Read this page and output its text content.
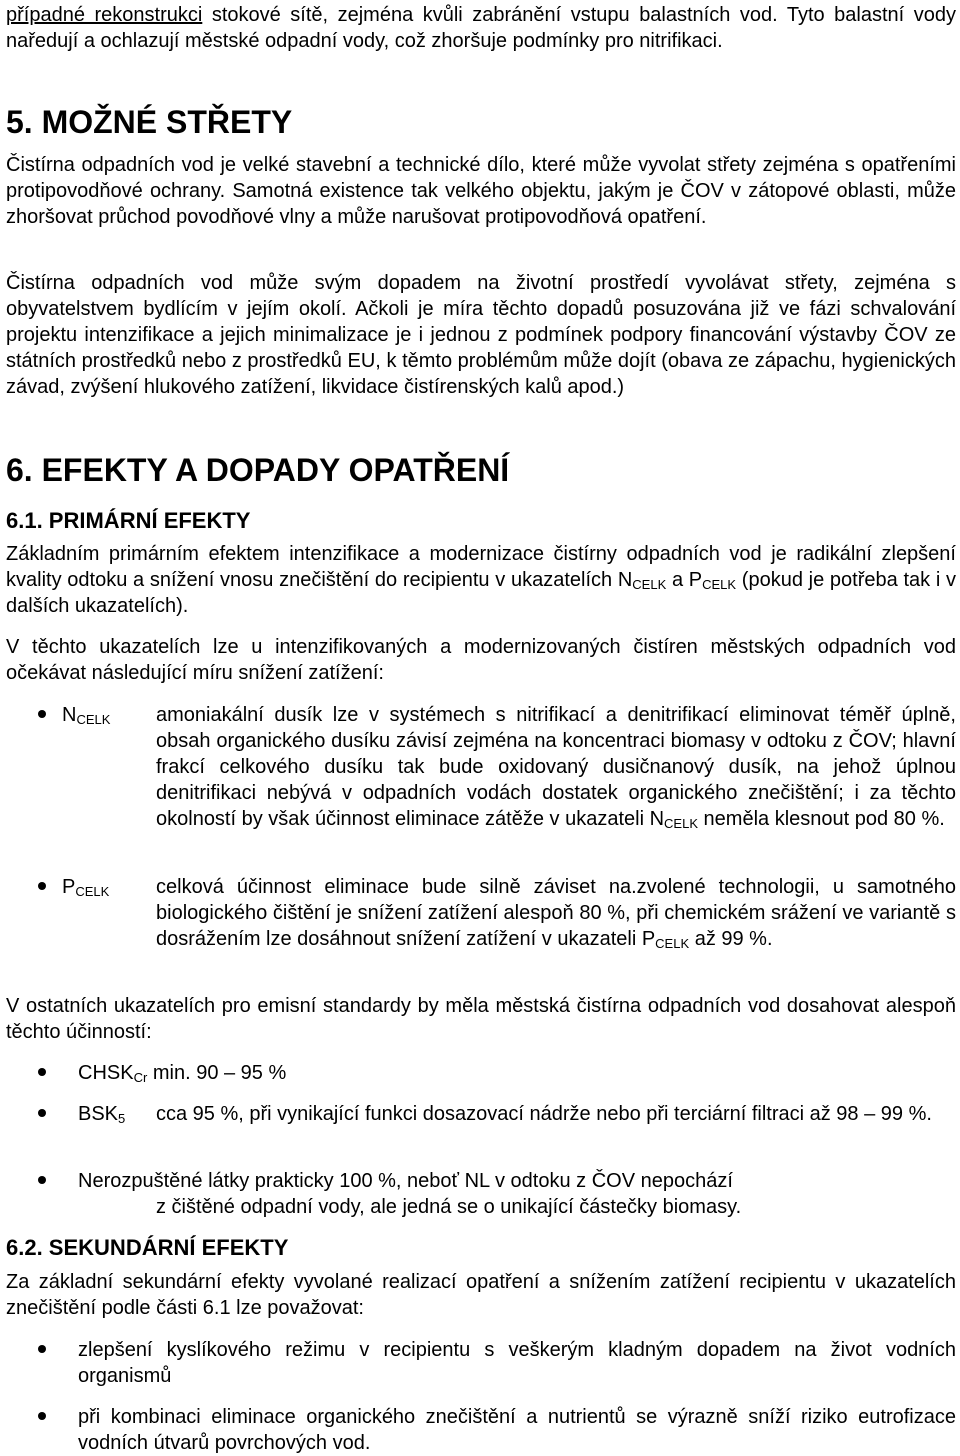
případné rekonstrukci stokové sítě, zejména kvůli zabránění vstupu balastních vod. Tyto balastní vody naředují a ochlazují městské odpadní vody, což zhoršuje podmínky pro nitrifikaci.

5. MOŽNÉ STŘETY

Čistírna odpadních vod je velké stavební a technické dílo, které může vyvolat střety zejména s opatřeními protipovodňové ochrany. Samotná existence tak velkého objektu, jakým je ČOV v zátopové oblasti, může zhoršovat průchod povodňové vlny a může narušovat protipovodňová opatření.

Čistírna odpadních vod může svým dopadem na životní prostředí vyvolávat střety, zejména s obyvatelstvem bydlícím v jejím okolí. Ačkoli je míra těchto dopadů posuzována již ve fázi schvalování projektu intenzifikace a jejich minimalizace je i jednou z podmínek podpory financování výstavby ČOV ze státních prostředků nebo z prostředků EU, k těmto problémům může dojít (obava ze zápachu, hygienických závad, zvýšení hlukového zatížení, likvidace čistírenských kalů apod.)

6. EFEKTY A DOPADY OPATŘENÍ
6.1. PRIMÁRNÍ EFEKTY

Základním primárním efektem intenzifikace a modernizace čistírny odpadních vod je radikální zlepšení kvality odtoku a snížení vnosu znečištění do recipientu v ukazatelích $N_{CELK}$ a $P_{CELK}$ (pokud je potřeba tak i v dalších ukazatelích).

V těchto ukazatelích lze u intenzifikovaných a modernizovaných čistíren městských odpadních vod očekávat následující míru snížení zatížení:

$N_{CELK}$ amoniakální dusík lze v systémech s nitrifikací a denitrifikací eliminovat téměř úplně, obsah organického dusíku závisí zejména na koncentraci biomasy v odtoku z ČOV; hlavní frakcí celkového dusíku tak bude oxidovaný dusičnanový dusík, na jehož úplnou denitrifikaci nebývá v odpadních vodách dostatek organického znečištění; i za těchto okolností by však účinnost eliminace zátěže v ukazateli $N_{CELK}$ neměla klesnout pod 80 %.

$P_{CELK}$ celková účinnost eliminace bude silně záviset na.zvolené technologii, u samotného biologického čištění je snížení zatížení alespoň 80 %, při chemickém srážení ve variantě s dosrážením lze dosáhnout snížení zatížení v ukazateli $P_{CELK}$ až 99 %.

V ostatních ukazatelích pro emisní standardy by měla městská čistírna odpadních vod dosahovat alespoň těchto účinností:

$CHSK_{Cr}$ min. 90 – 95 %

$BSK_5$ cca 95 %, při vynikající funkci dosazovací nádrže nebo při terciární filtraci až 98 – 99 %.

Nerozpuštěné látky prakticky 100 %, neboť NL v odtoku z ČOV nepochází

z čištěné odpadní vody, ale jedná se o unikající částečky biomasy.

6.2. SEKUNDÁRNÍ EFEKTY

Za základní sekundární efekty vyvolané realizací opatření a snížením zatížení recipientu v ukazatelích znečištění podle části 6.1 lze považovat:

zlepšení kyslíkového režimu v recipientu s veškerým kladným dopadem na život vodních organismů

při kombinaci eliminace organického znečištění a nutrientů se výrazně sníží riziko eutrofizace vodních útvarů povrchových vod.
